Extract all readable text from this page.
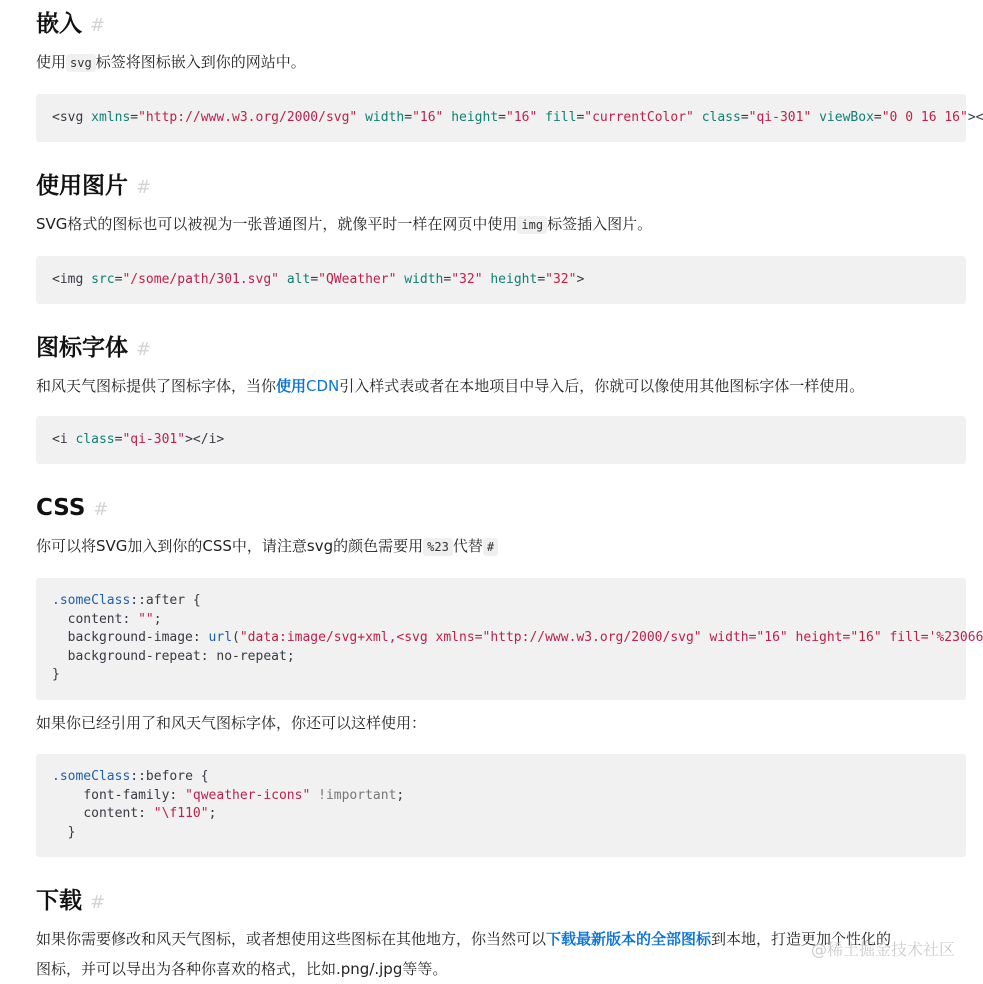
嵌入 #

使用 svg 标签将图标嵌入到你的网站中。

<svg xmlns="http://www.w3.org/2000/svg" width="16" height="16" fill="currentColor" class="qi-301" viewBox="0 0 16 16"><
使用图片 #

SVG格式的图标也可以被视为一张普通图片，就像平时一样在网页中使用 img 标签插入图片。

<img src="/some/path/301.svg" alt="QWeather" width="32" height="32">
图标字体 #

和风天气图标提供了图标字体，当你使用CDN引入样式表或者在本地项目中导入后，你就可以像使用其他图标字体一样使用。

<i class="qi-301"></i>
CSS #

你可以将SVG加入到你的CSS中，请注意svg的颜色需要用 %23 代替 #

.someClass::after {
content: "";
background-image: url("data:image/svg+xml,<svg xmlns="http://www.w3.org/2000/svg" width="16" height="16" fill='%23066
background-repeat: no-repeat;
}

如果你已经引用了和风天气图标字体，你还可以这样使用：

.someClass::before {
font-family: "qweather-icons" !important;
content: "\f110";
}
下载 #

如果你需要修改和风天气图标，或者想使用这些图标在其他地方，你当然可以下载最新版本的全部图标到本地，打造更加个性化的
图标，并可以导出为各种你喜欢的格式，比如.png/.jpg等等。

@稀土掘金技术社区
